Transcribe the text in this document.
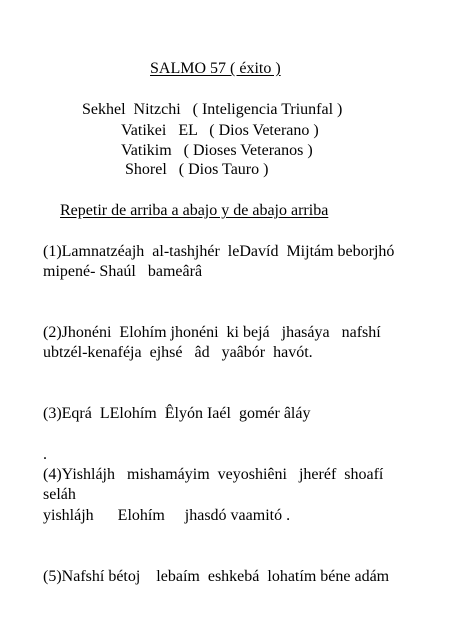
SALMO 57 ( éxito )
Sekhel  Nitzchi   ( Inteligencia Triunfal )
Vatikei   EL   ( Dios Veterano )
Vatikim   ( Dioses Veteranos )
Shorel   ( Dios Tauro )
Repetir de arriba a abajo y de abajo arriba
(1)Lamnatzéajh  al-tashjhér  leDavíd  Mijtám beborjhó
mipené- Shaúl   bameârâ
(2)Jhonéni  Elohím jhonéni  ki bejá   jhasáya   nafshí
ubtzél-kenaféja  ejhsé   âd   yaâbór  havót.
(3)Eqrá  LElohím  Êlyón Iaél  gomér âláy
.
(4)Yishlájh   mishamáyim  veyoshiêni   jheréf  shoafí
seláh
yishlájh      Elohím     jhasdó vaamitó .
(5)Nafshí bétoj    lebaím  eshkebá  lohatím béne adám
